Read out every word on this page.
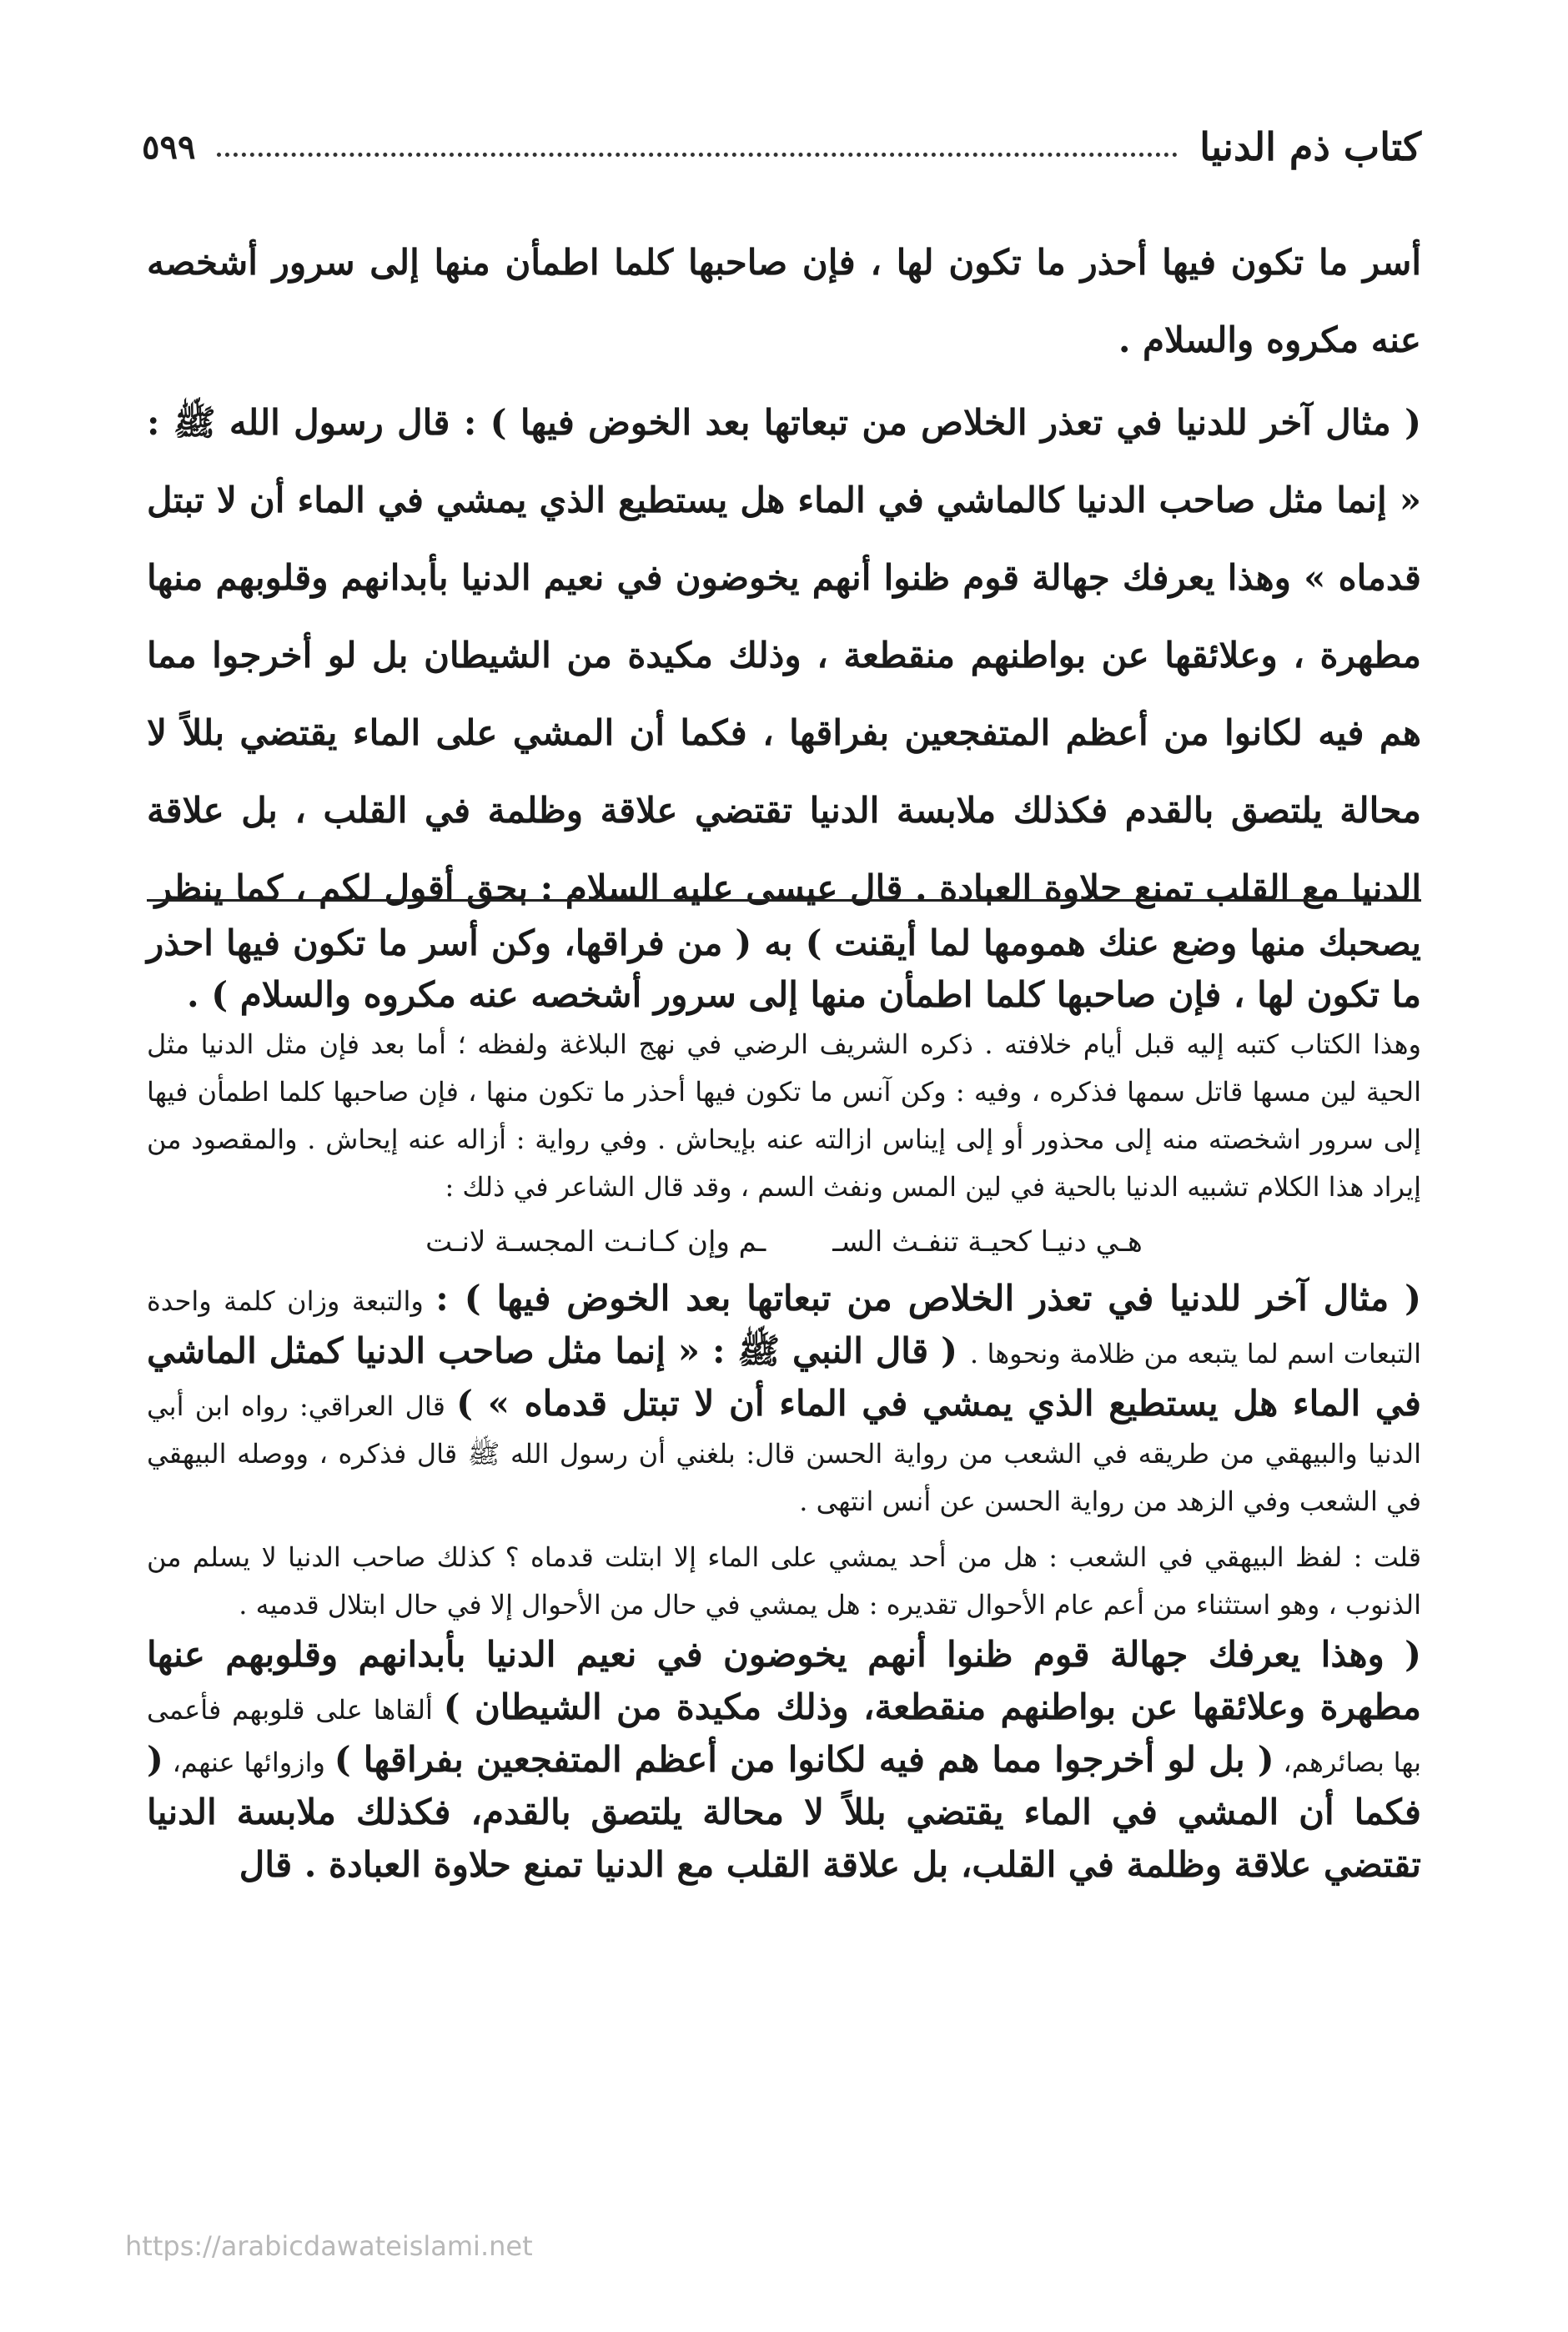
كتاب ذم الدنيا
٥٩٩

أسر ما تكون فيها أحذر ما تكون لها ، فإن صاحبها كلما اطمأن منها إلى سرور أشخصه عنه مكروه والسلام .

( مثال آخر للدنيا في تعذر الخلاص من تبعاتها بعد الخوض فيها ) : قال رسول الله ﷺ : « إنما مثل صاحب الدنيا كالماشي في الماء هل يستطيع الذي يمشي في الماء أن لا تبتل قدماه » وهذا يعرفك جهالة قوم ظنوا أنهم يخوضون في نعيم الدنيا بأبدانهم وقلوبهم منها مطهرة ، وعلائقها عن بواطنهم منقطعة ، وذلك مكيدة من الشيطان بل لو أخرجوا مما هم فيه لكانوا من أعظم المتفجعين بفراقها ، فكما أن المشي على الماء يقتضي بللاً لا محالة يلتصق بالقدم فكذلك ملابسة الدنيا تقتضي علاقة وظلمة في القلب ، بل علاقة الدنيا مع القلب تمنع حلاوة العبادة . قال عيسى عليه السلام : بحق أقول لكم ، كما ينظر

يصحبك منها وضع عنك همومها لما أيقنت ) به ( من فراقها، وكن أسر ما تكون فيها احذر ما تكون لها ، فإن صاحبها كلما اطمأن منها إلى سرور أشخصه عنه مكروه والسلام ) .

وهذا الكتاب كتبه إليه قبل أيام خلافته . ذكره الشريف الرضي في نهج البلاغة ولفظه ؛ أما بعد فإن مثل الدنيا مثل الحية لين مسها قاتل سمها فذكره ، وفيه : وكن آنس ما تكون فيها أحذر ما تكون منها ، فإن صاحبها كلما اطمأن فيها إلى سرور اشخصته منه إلى محذور أو إلى إيناس ازالته عنه بإيحاش . وفي رواية : أزاله عنه إيحاش . والمقصود من إيراد هذا الكلام تشبيه الدنيا بالحية في لين المس ونفث السم ، وقد قال الشاعر في ذلك :

هـي دنيـا كحيـة تنفـث السـ
ـم وإن كـانـت المجسـة لانـت

( مثال آخر للدنيا في تعذر الخلاص من تبعاتها بعد الخوض فيها ) : والتبعة وزان كلمة واحدة التبعات اسم لما يتبعه من ظلامة ونحوها . ( قال النبي ﷺ : « إنما مثل صاحب الدنيا كمثل الماشي في الماء هل يستطيع الذي يمشي في الماء أن لا تبتل قدماه » ) قال العراقي: رواه ابن أبي الدنيا والبيهقي من طريقه في الشعب من رواية الحسن قال: بلغني أن رسول الله ﷺ قال فذكره ، ووصله البيهقي في الشعب وفي الزهد من رواية الحسن عن أنس انتهى .

قلت : لفظ البيهقي في الشعب : هل من أحد يمشي على الماء إلا ابتلت قدماه ؟ كذلك صاحب الدنيا لا يسلم من الذنوب ، وهو استثناء من أعم عام الأحوال تقديره : هل يمشي في حال من الأحوال إلا في حال ابتلال قدميه .

( وهذا يعرفك جهالة قوم ظنوا أنهم يخوضون في نعيم الدنيا بأبدانهم وقلوبهم عنها مطهرة وعلائقها عن بواطنهم منقطعة، وذلك مكيدة من الشيطان ) ألقاها على قلوبهم فأعمى بها بصائرهم، ( بل لو أخرجوا مما هم فيه لكانوا من أعظم المتفجعين بفراقها ) وازوائها عنهم، ( فكما أن المشي في الماء يقتضي بللاً لا محالة يلتصق بالقدم، فكذلك ملابسة الدنيا تقتضي علاقة وظلمة في القلب، بل علاقة القلب مع الدنيا تمنع حلاوة العبادة . قال

https://arabicdawateislami.net
